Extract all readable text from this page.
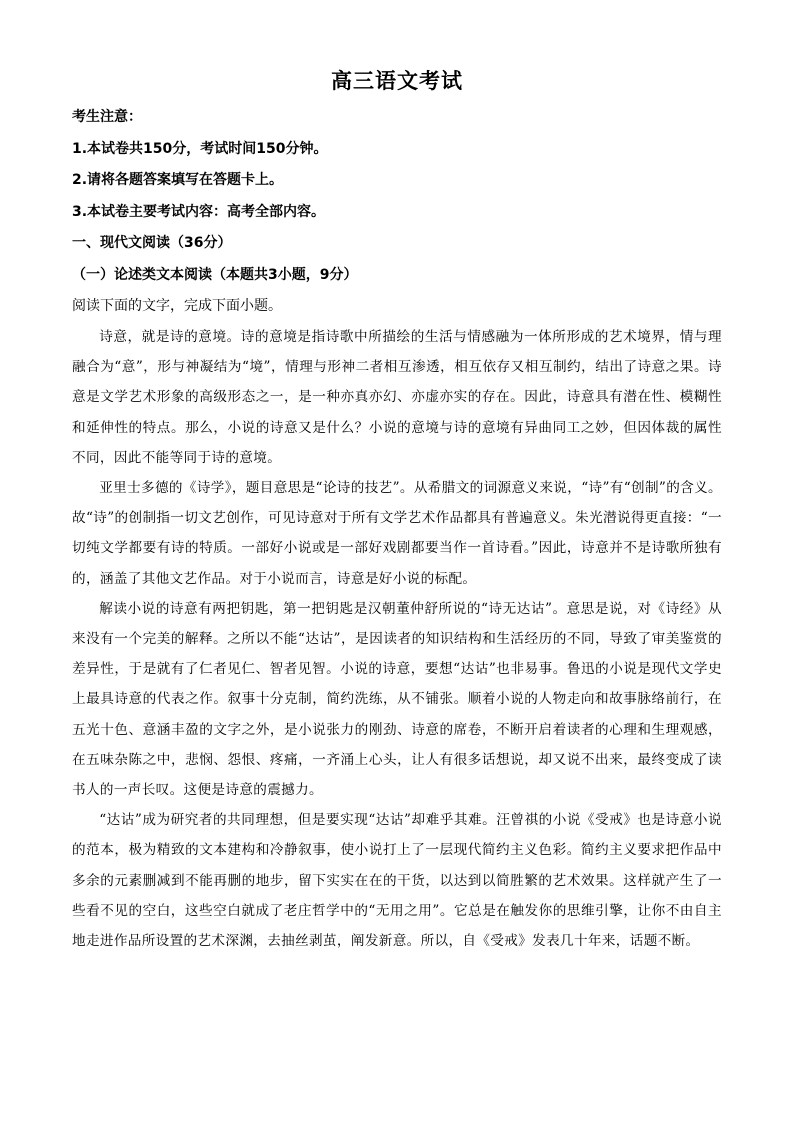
高三语文考试

考生注意：

1.本试卷共150分，考试时间150分钟。

2.请将各题答案填写在答题卡上。

3.本试卷主要考试内容：高考全部内容。

一、现代文阅读（36分）

（一）论述类文本阅读（本题共3小题，9分）

阅读下面的文字，完成下面小题。

诗意，就是诗的意境。诗的意境是指诗歌中所描绘的生活与情感融为一体所形成的艺术境界，情与理融合为“意”，形与神凝结为“境”，情理与形神二者相互渗透，相互依存又相互制约，结出了诗意之果。诗意是文学艺术形象的高级形态之一，是一种亦真亦幻、亦虚亦实的存在。因此，诗意具有潜在性、模糊性和延伸性的特点。那么，小说的诗意又是什么？小说的意境与诗的意境有异曲同工之妙，但因体裁的属性不同，因此不能等同于诗的意境。

亚里士多德的《诗学》，题目意思是“论诗的技艺”。从希腊文的词源意义来说，“诗”有“创制”的含义。故“诗”的创制指一切文艺创作，可见诗意对于所有文学艺术作品都具有普遍意义。朱光潜说得更直接：“一切纯文学都要有诗的特质。一部好小说或是一部好戏剧都要当作一首诗看。”因此，诗意并不是诗歌所独有的，涵盖了其他文艺作品。对于小说而言，诗意是好小说的标配。

解读小说的诗意有两把钥匙，第一把钥匙是汉朝董仲舒所说的“诗无达诂”。意思是说，对《诗经》从来没有一个完美的解释。之所以不能“达诂”，是因读者的知识结构和生活经历的不同，导致了审美鉴赏的差异性，于是就有了仁者见仁、智者见智。小说的诗意，要想“达诂”也非易事。鲁迅的小说是现代文学史上最具诗意的代表之作。叙事十分克制，简约洗练，从不铺张。顺着小说的人物走向和故事脉络前行，在五光十色、意涵丰盈的文字之外，是小说张力的刚劲、诗意的席卷，不断开启着读者的心理和生理观感，在五味杂陈之中，悲悯、怨恨、疼痛，一齐涌上心头，让人有很多话想说，却又说不出来，最终变成了读书人的一声长叹。这便是诗意的震撼力。

“达诂”成为研究者的共同理想，但是要实现“达诂”却难乎其难。汪曾祺的小说《受戒》也是诗意小说的范本，极为精致的文本建构和冷静叙事，使小说打上了一层现代简约主义色彩。简约主义要求把作品中多余的元素删减到不能再删的地步，留下实实在在的干货，以达到以简胜繁的艺术效果。这样就产生了一些看不见的空白，这些空白就成了老庄哲学中的“无用之用”。它总是在触发你的思维引擎，让你不由自主地走进作品所设置的艺术深渊，去抽丝剥茧，阐发新意。所以，自《受戒》发表几十年来，话题不断。
